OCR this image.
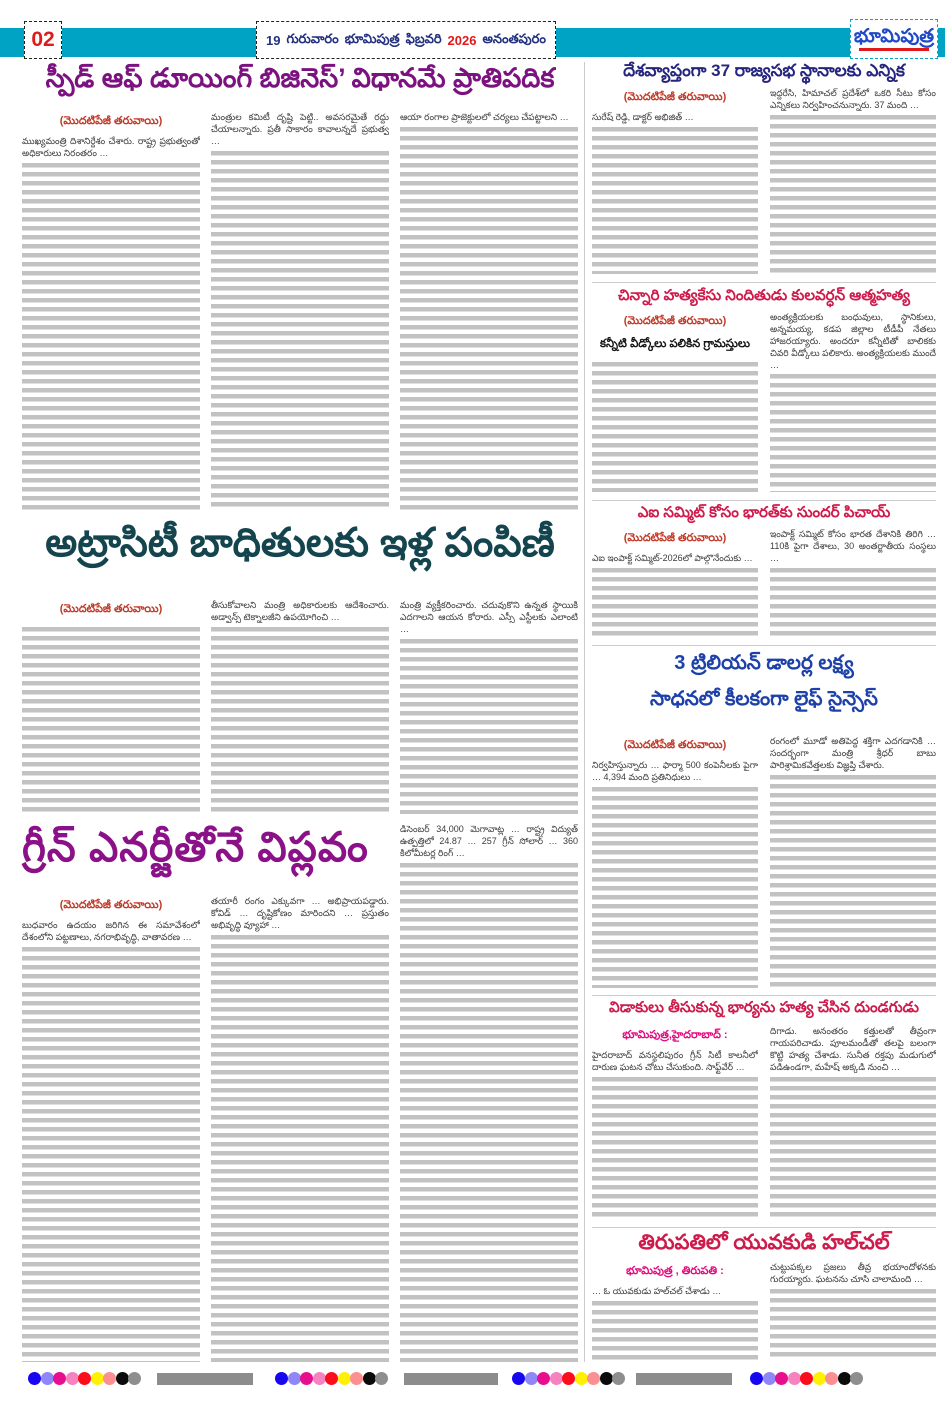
02	19 గురువారం భూమిపుత్ర ఫిబ్రవరి 2026 అనంతపురం	భూమిపుత్ర
స్పీడ్ ఆఫ్ డూయింగ్ బిజినెస్’ విధానమే ప్రాతిపదిక
(మొదటిపేజీ తరువాయి)

ముఖ్యమంత్రి దిశానిర్దేశం చేశారు. రాష్ట్ర ప్రభుత్వంతో అధికారులు నిరంతరం …

మంత్రుల కమిటీ దృష్టి పెట్టి.. అవసరమైతే రద్దు చేయాలన్నారు. ప్రతీ సాకారం కావాలన్నదే ప్రభుత్వ …

ఆయా రంగాల ప్రాజెక్టులలో చర్యలు చేపట్టాలని …

అట్రాసిటీ బాధితులకు ఇళ్ల పంపిణీ
(మొదటిపేజీ తరువాయి)	తీసుకోవాలని మంత్రి అధికారులకు ఆదేశించారు. అడ్వాన్స్ టెక్నాలజీని ఉపయోగించి …

మంత్రి వ్యక్తీకరించారు. చదువుకొని ఉన్నత స్థాయికి ఎదగాలని ఆయన కోరారు. ఎస్సీ ఎస్టీలకు ఎలాంటి …

గ్రీన్ ఎనర్జీతోనే విప్లవం
(మొదటిపేజీ తరువాయి)

బుధవారం ఉదయం జరిగిన ఈ సమావేశంలో దేశంలోని పట్టణాలు, నగరాభివృద్ధి, వాతావరణ …

తయారీ రంగం ఎక్కువగా … అభిప్రాయపడ్డారు. కోవిడ్ … దృష్టికోణం మారిందని … ప్రస్తుతం అభివృద్ధి వ్యూహా …

డిసెంబర్ 34,000 మెగావాట్ల … రాష్ట్ర విద్యుత్ ఉత్పత్తిలో 24.87 … 257 గ్రీన్ సోలార్ … 360 కిలోమీటర్ల రింగ్ …

దేశవ్యాప్తంగా 37 రాజ్యసభ స్థానాలకు ఎన్నిక
(మొదటిపేజీ తరువాయి)

సురేష్ రెడ్డి, డాక్టర్ అభిజిత్ …

ఇద్దరేసి, హిమాచల్ ప్రదేశ్‌లో ఒకరి సీటు కోసం ఎన్నికలు నిర్వహించనున్నారు. 37 మంది …

చిన్నారి హత్యకేసు నిందితుడు కులవర్ధన్ ఆత్మహత్య
(మొదటిపేజీ తరువాయి)
కన్నీటి వీడ్కోలు పలికిన గ్రామస్తులు

అంత్యక్రియలకు బంధువులు, స్థానికులు, అన్నమయ్య, కడప జిల్లాల టీడీపీ నేతలు హాజరయ్యారు. అందరూ కన్నీటితో బాలికకు చివరి వీడ్కోలు పలికారు. అంత్యక్రియలకు ముందే …

ఎఐ సమ్మిట్ కోసం భారత్‌కు సుందర్ పిచాయ్
(మొదటిపేజీ తరువాయి)

ఎఐ ఇంపాక్ట్ సమ్మిట్-2026లో పాల్గొనేందుకు …

ఇంపాక్ట్ సమ్మిట్ కోసం భారత దేశానికి తిరిగి … 110కి పైగా దేశాలు, 30 అంతర్జాతీయ సంస్థలు …

3 ట్రిలియన్ డాలర్ల లక్ష్య
సాధనలో కీలకంగా లైఫ్ సైన్సెస్
(మొదటిపేజీ తరువాయి)

నిర్వహిస్తున్నారు … ఫార్మా 500 కంపెనీలకు పైగా … 4,394 మంది ప్రతినిధులు …

రంగంలో మూడో అతిపెద్ద శక్తిగా ఎదగడానికి … సందర్భంగా మంత్రి శ్రీధర్ బాబు పారిశ్రామికవేత్తలకు విజ్ఞప్తి చేశారు.

విడాకులు తీసుకున్న భార్యను హత్య చేసిన దుండగుడు
భూమిపుత్ర,హైదరాబాద్ :

హైదరాబాద్ వనస్థలిపురం గ్రీన్ సిటీ కాలనీలో దారుణ ఘటన చోటు చేసుకుంది. సాఫ్ట్‌వేర్ …

దిగాడు. అనంతరం కత్తులతో తీవ్రంగా గాయపరిచాడు. పూలమండీతో తలపై బలంగా కొట్టి హత్య చేశాడు. సునీత రక్తపు మడుగులో పడిఉండగా, మహేష్ అక్కడి నుంచి …

తిరుపతిలో యువకుడి హల్‌చల్
భూమిపుత్ర , తిరుపతి :

… ఓ యువకుడు హల్‌చల్ చేశాడు …

చుట్టుపక్కల ప్రజలు తీవ్ర భయాందోళనకు గురయ్యారు. ఘటనను చూసి చాలామంది …
